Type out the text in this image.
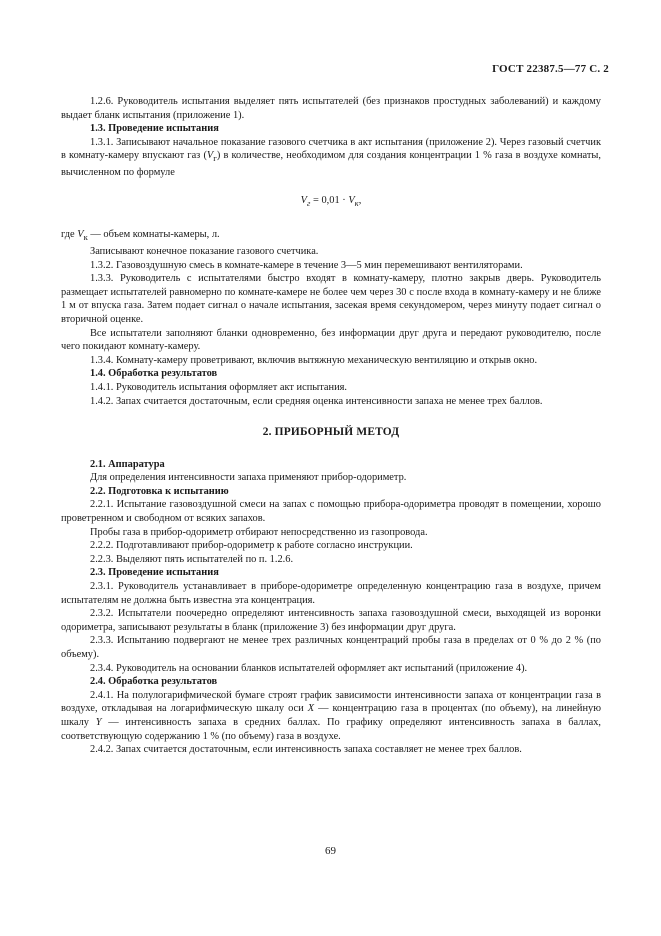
ГОСТ 22387.5—77 С. 2

1.2.6. Руководитель испытания выделяет пять испытателей (без признаков простудных заболеваний) и каждому выдает бланк испытания (приложение 1).

1.3. Проведение испытания

1.3.1. Записывают начальное показание газового счетчика в акт испытания (приложение 2). Через газовый счетчик в комнату-камеру впускают газ $(V_г)$ в количестве, необходимом для создания концентрации 1 % газа в воздухе комнаты, вычисленном по формуле

$V_г = 0,01 \cdot V_к$,

где $V_к$ — объем комнаты-камеры, л.

Записывают конечное показание газового счетчика.

1.3.2. Газовоздушную смесь в комнате-камере в течение 3—5 мин перемешивают вентиляторами.

1.3.3. Руководитель с испытателями быстро входят в комнату-камеру, плотно закрыв дверь. Руководитель размещает испытателей равномерно по комнате-камере не более чем через 30 с после входа в комнату-камеру и не ближе 1 м от впуска газа. Затем подает сигнал о начале испытания, засекая время секундомером, через минуту подает сигнал о вторичной оценке.

Все испытатели заполняют бланки одновременно, без информации друг друга и передают руководителю, после чего покидают комнату-камеру.

1.3.4. Комнату-камеру проветривают, включив вытяжную механическую вентиляцию и открыв окно.

1.4. Обработка результатов

1.4.1. Руководитель испытания оформляет акт испытания.

1.4.2. Запах считается достаточным, если средняя оценка интенсивности запаха не менее трех баллов.

2. ПРИБОРНЫЙ МЕТОД

2.1. Аппаратура

Для определения интенсивности запаха применяют прибор-одориметр.

2.2. Подготовка к испытанию

2.2.1. Испытание газовоздушной смеси на запах с помощью прибора-одориметра проводят в помещении, хорошо проветренном и свободном от всяких запахов.

Пробы газа в прибор-одориметр отбирают непосредственно из газопровода.

2.2.2. Подготавливают прибор-одориметр к работе согласно инструкции.

2.2.3. Выделяют пять испытателей по п. 1.2.6.

2.3. Проведение испытания

2.3.1. Руководитель устанавливает в приборе-одориметре определенную концентрацию газа в воздухе, причем испытателям не должна быть известна эта концентрация.

2.3.2. Испытатели поочередно определяют интенсивность запаха газовоздушной смеси, выходящей из воронки одориметра, записывают результаты в бланк (приложение 3) без информации друг друга.

2.3.3. Испытанию подвергают не менее трех различных концентраций пробы газа в пределах от 0 % до 2 % (по объему).

2.3.4. Руководитель на основании бланков испытателей оформляет акт испытаний (приложение 4).

2.4. Обработка результатов

2.4.1. На полулогарифмической бумаге строят график зависимости интенсивности запаха от концентрации газа в воздухе, откладывая на логарифмическую шкалу оси X — концентрацию газа в процентах (по объему), на линейную шкалу Y — интенсивность запаха в средних баллах. По графику определяют интенсивность запаха в баллах, соответствующую содержанию 1 % (по объему) газа в воздухе.

2.4.2. Запах считается достаточным, если интенсивность запаха составляет не менее трех баллов.

69
